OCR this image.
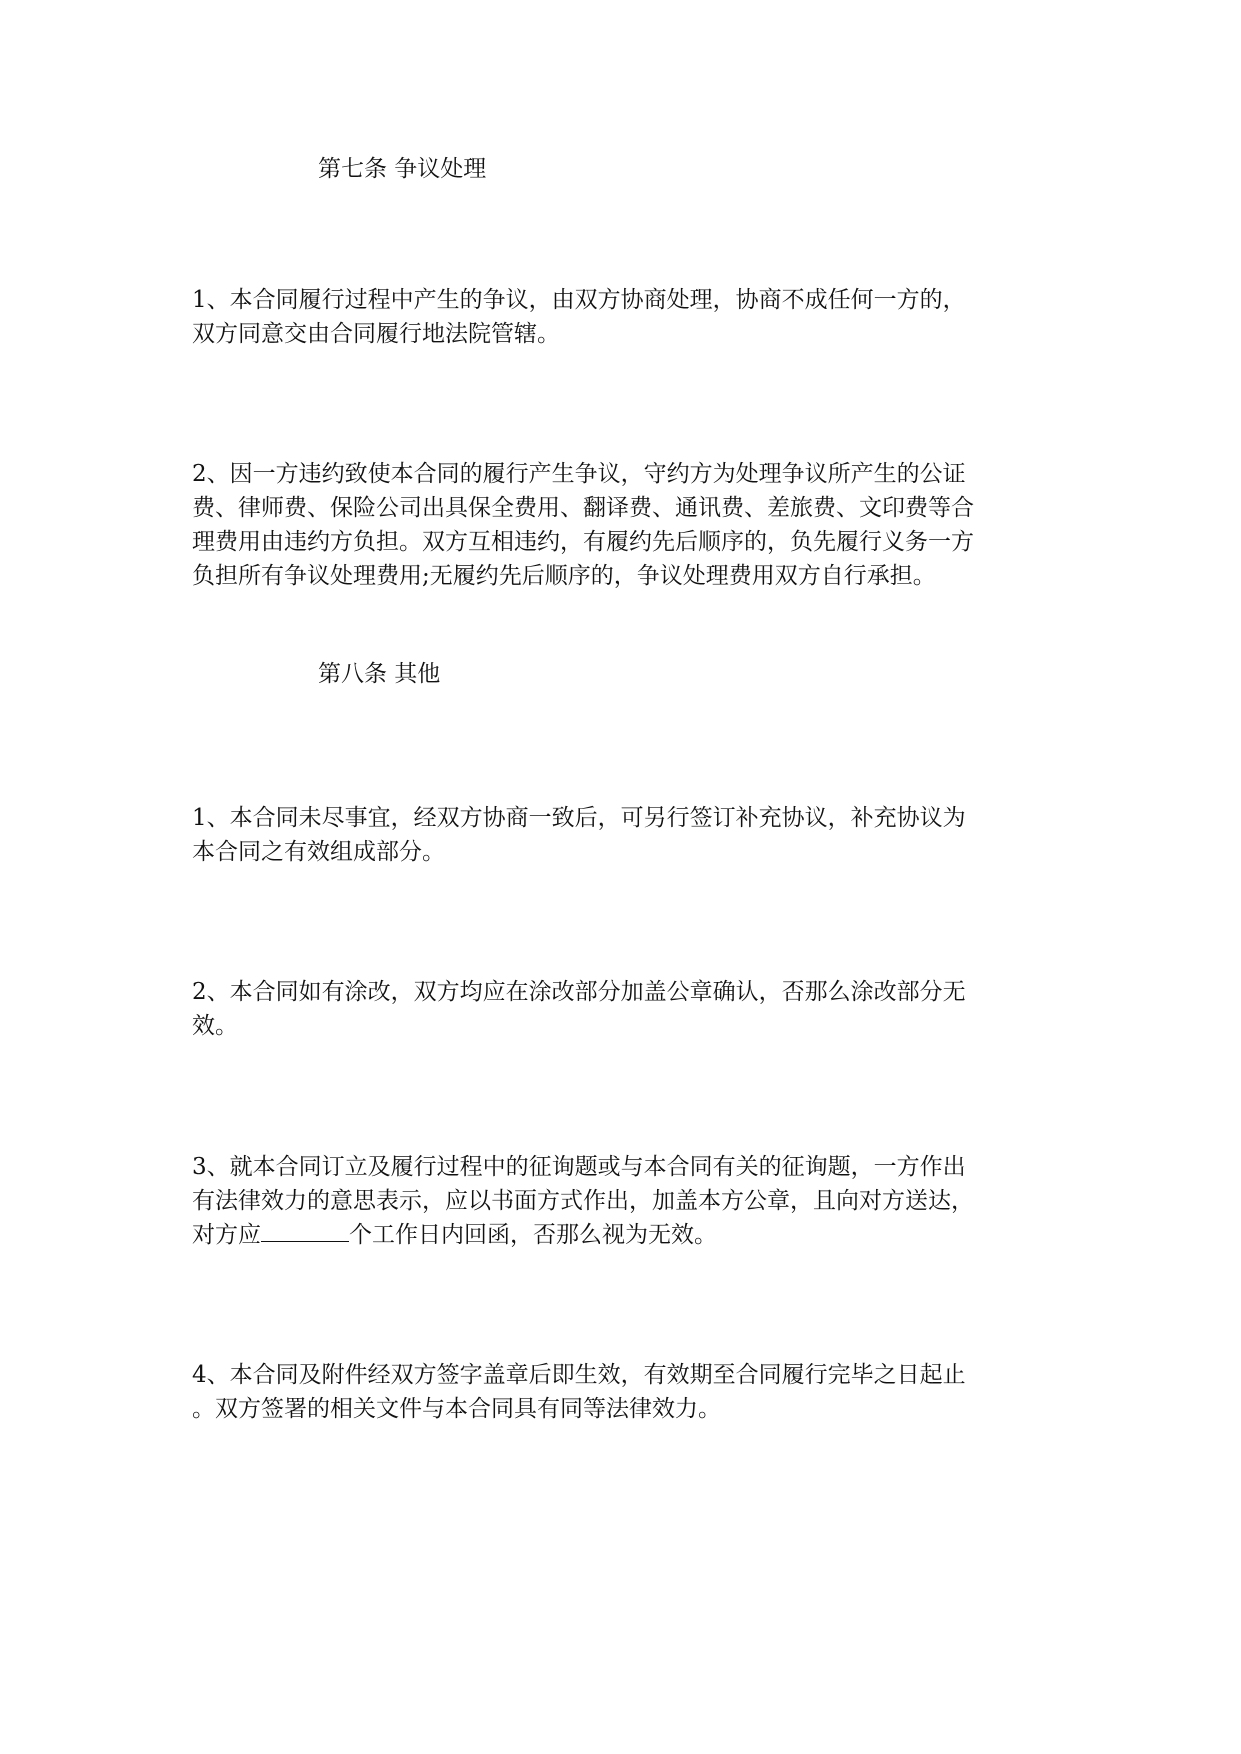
第七条 争议处理
1、本合同履行过程中产生的争议，由双方协商处理，协商不成任何一方的，
双方同意交由合同履行地法院管辖。
2、因一方违约致使本合同的履行产生争议，守约方为处理争议所产生的公证
费、律师费、保险公司出具保全费用、翻译费、通讯费、差旅费、文印费等合
理费用由违约方负担。双方互相违约，有履约先后顺序的，负先履行义务一方
负担所有争议处理费用;无履约先后顺序的，争议处理费用双方自行承担。
第八条 其他
1、本合同未尽事宜，经双方协商一致后，可另行签订补充协议，补充协议为
本合同之有效组成部分。
2、本合同如有涂改，双方均应在涂改部分加盖公章确认，否那么涂改部分无
效。
3、就本合同订立及履行过程中的征询题或与本合同有关的征询题，一方作出
有法律效力的意思表示，应以书面方式作出，加盖本方公章，且向对方送达，
对方应	个工作日内回函，否那么视为无效。
4、本合同及附件经双方签字盖章后即生效，有效期至合同履行完毕之日起止
。双方签署的相关文件与本合同具有同等法律效力。
